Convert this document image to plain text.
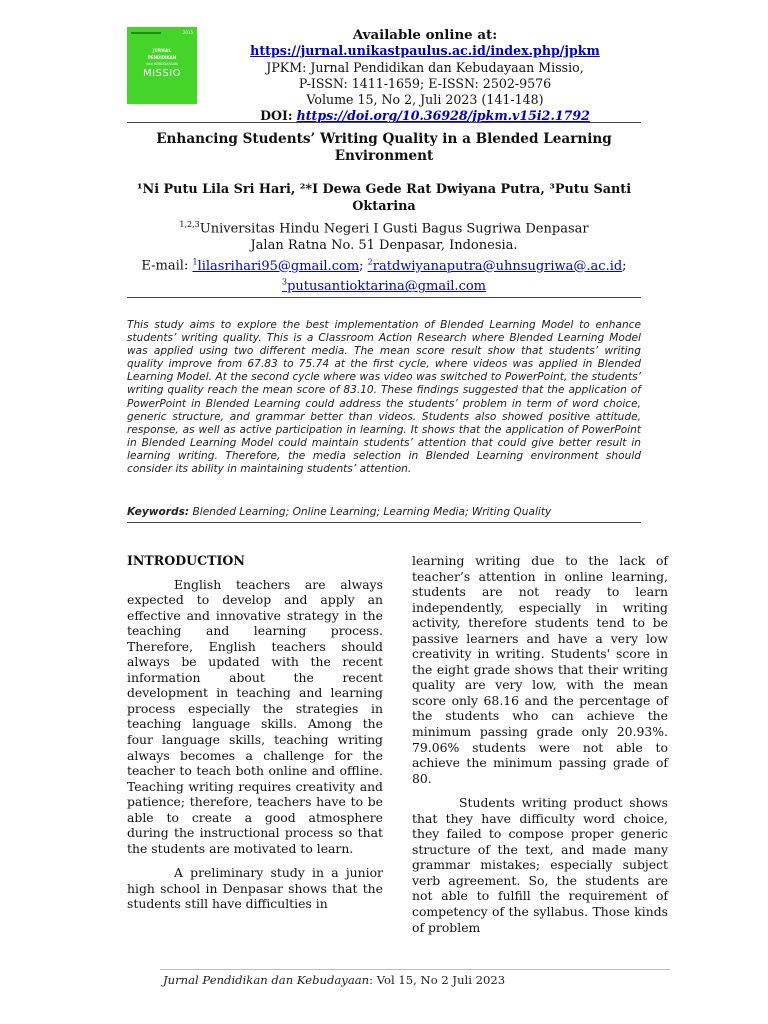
2015
JURNAL
PENDIDIKAN
dan KEBUDAYAAN
MISSIO
Available online at:
https://jurnal.unikastpaulus.ac.id/index.php/jpkm
JPKM: Jurnal Pendidikan dan Kebudayaan Missio,
P-ISSN: 1411-1659; E-ISSN: 2502-9576
Volume 15, No 2, Juli 2023 (141-148)
DOI: https://doi.org/10.36928/jpkm.v15i2.1792
Enhancing Students’ Writing Quality in a Blended Learning Environment
¹Ni Putu Lila Sri Hari, ²*I Dewa Gede Rat Dwiyana Putra, ³Putu Santi Oktarina
$^{1,2,3}$Universitas Hindu Negeri I Gusti Bagus Sugriwa Denpasar
Jalan Ratna No. 51 Denpasar, Indonesia.
E-mail: $^1$lilasrihari95@gmail.com; $^2$ratdwiyanaputra@uhnsugriwa@.ac.id;
$^3$putusantioktarina@gmail.com
This study aims to explore the best implementation of Blended Learning Model to enhance students’ writing quality. This is a Classroom Action Research where Blended Learning Model was applied using two different media. The mean score result show that students’ writing quality improve from 67.83 to 75.74 at the first cycle, where videos was applied in Blended Learning Model. At the second cycle where was video was switched to PowerPoint, the students’ writing quality reach the mean score of 83.10. These findings suggested that the application of PowerPoint in Blended Learning could address the students’ problem in term of word choice, generic structure, and grammar better than videos. Students also showed positive attitude, response, as well as active participation in learning. It shows that the application of PowerPoint in Blended Learning Model could maintain students’ attention that could give better result in learning writing. Therefore, the media selection in Blended Learning environment should consider its ability in maintaining students’ attention.
Keywords: Blended Learning; Online Learning; Learning Media; Writing Quality

INTRODUCTION

English teachers are always expected to develop and apply an effective and innovative strategy in the teaching and learning process. Therefore, English teachers should always be updated with the recent information about the recent development in teaching and learning process especially the strategies in teaching language skills. Among the four language skills, teaching writing always becomes a challenge for the teacher to teach both online and offline. Teaching writing requires creativity and patience; therefore, teachers have to be able to create a good atmosphere during the instructional process so that the students are motivated to learn.

A preliminary study in a junior high school in Denpasar shows that the students still have difficulties in

learning writing due to the lack of teacher’s attention in online learning, students are not ready to learn independently, especially in writing activity, therefore students tend to be passive learners and have a very low creativity in writing. Students' score in the eight grade shows that their writing quality are very low, with the mean score only 68.16 and the percentage of the students who can achieve the minimum passing grade only 20.93%. 79.06% students were not able to achieve the minimum passing grade of 80.

Students writing product shows that they have difficulty word choice, they failed to compose proper generic structure of the text, and made many grammar mistakes; especially subject verb agreement. So, the students are not able to fulfill the requirement of competency of the syllabus. Those kinds of problem

Jurnal Pendidikan dan Kebudayaan: Vol 15, No 2 Juli 2023
